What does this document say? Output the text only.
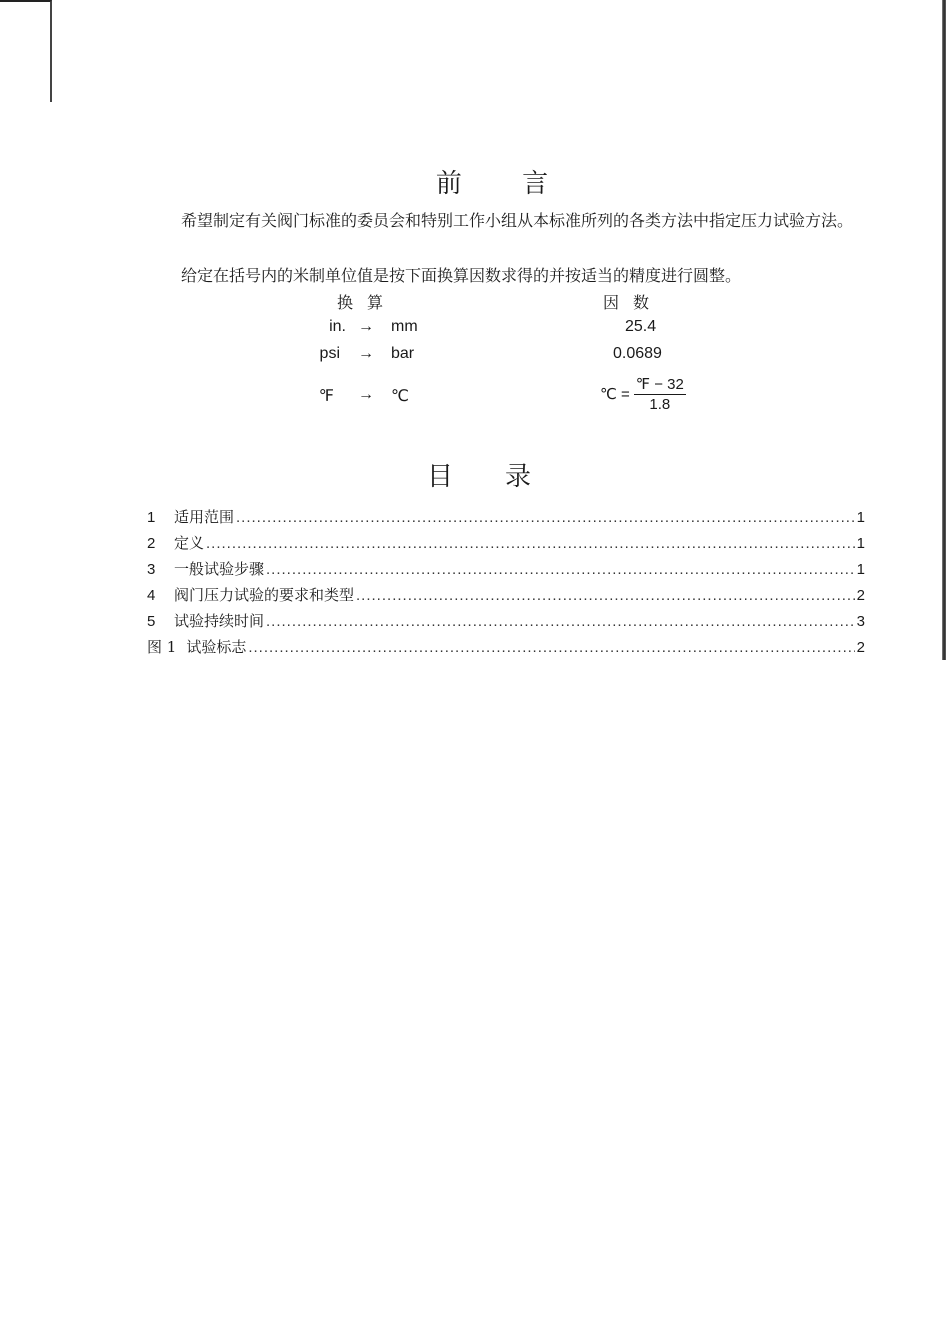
前 言
希望制定有关阀门标准的委员会和特别工作小组从本标准所列的各类方法中指定压力试验方法。
给定在括号内的米制单位值是按下面换算因数求得的并按适当的精度进行圆整。
换算	因数
in. →	mm	25.4
psi	→	bar	0.0689
℉	→	℃	℃ = $\frac{℉ - 32}{1.8}$
目录
1	适用范围 .....	1
2	定义 .....	1
3	一般试验步骤 .....	1
4	阀门压力试验的要求和类型 .....	2
5	试验持续时间 .....	3
图 1 试验标志 .....	2
